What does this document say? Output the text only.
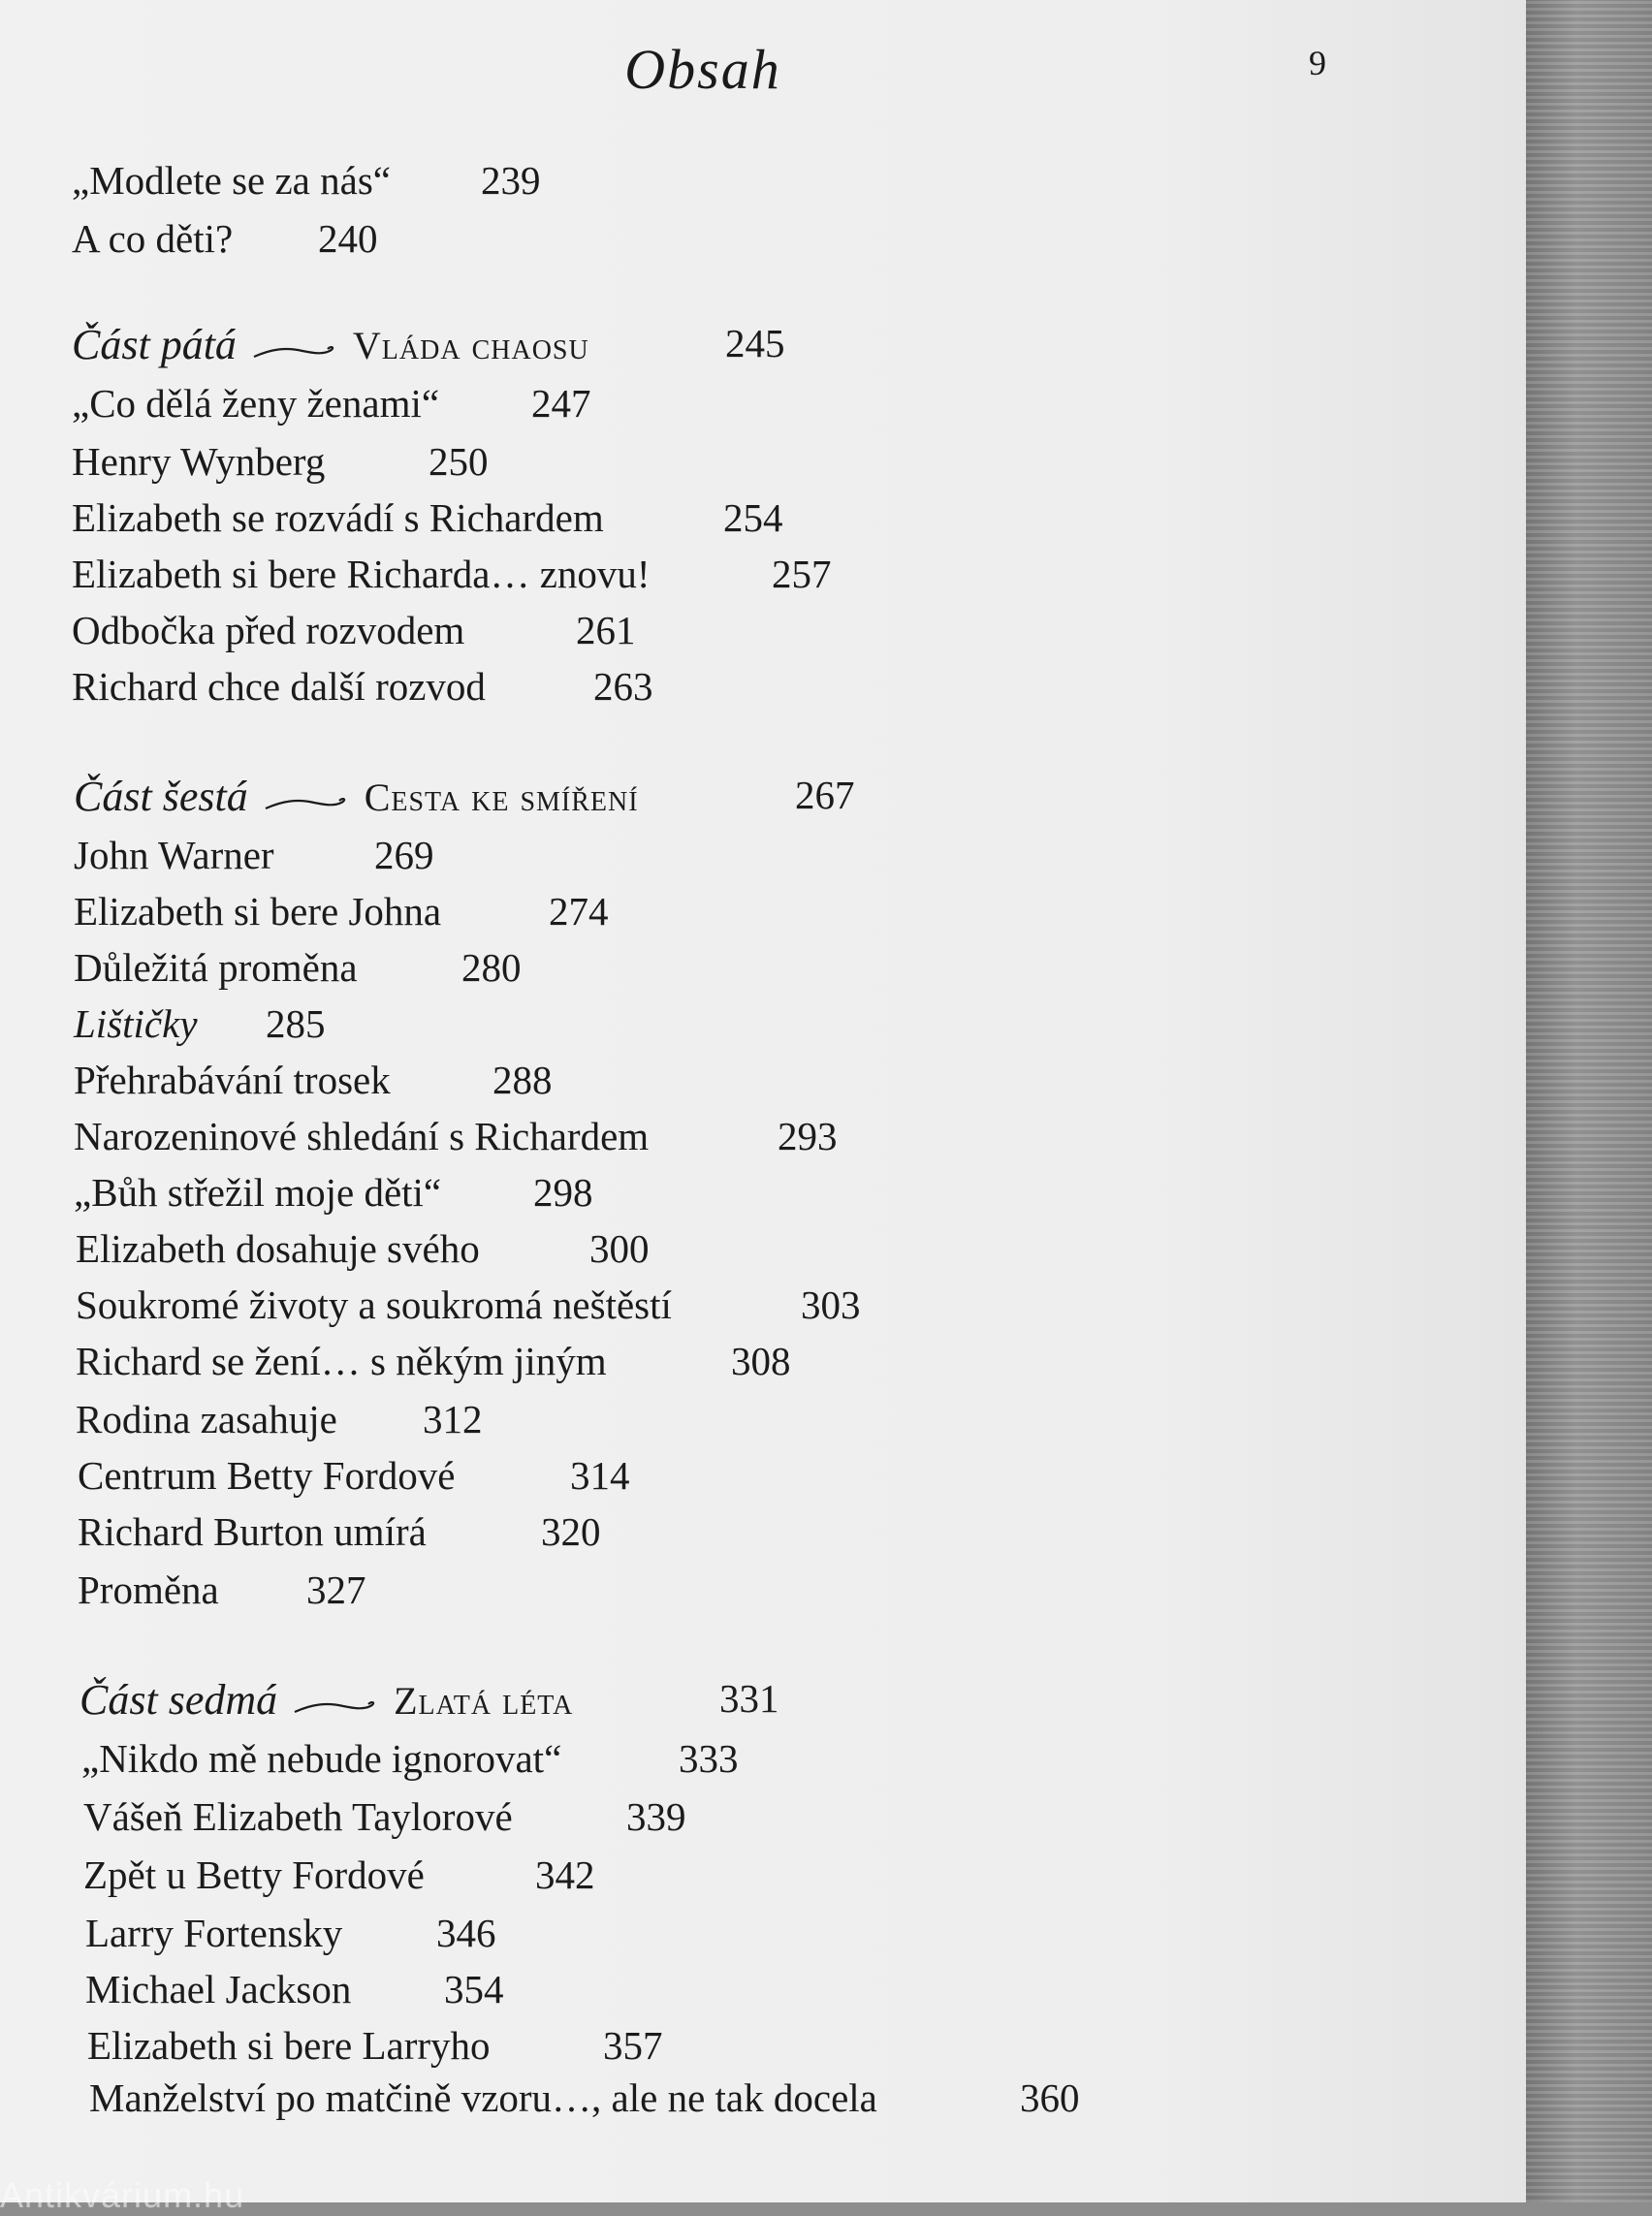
Obsah	9
„Modlete se za nás“ 239
A co děti? 240
Část pátá	Vláda chaosu	245
„Co dělá ženy ženami“ 247
Henry Wynberg	250
Elizabeth se rozvádí s Richardem	254
Elizabeth si bere Richarda… znovu!	257
Odbočka před rozvodem	261
Richard chce další rozvod	263
Část šestá	Cesta ke smíření	267
John Warner	269
Elizabeth si bere Johna	274
Důležitá proměna	280
Lištičky 285
Přehrabávání trosek	288
Narozeninové shledání s Richardem	293
„Bůh střežil moje děti“ 298
Elizabeth dosahuje svého	300
Soukromé životy a soukromá neštěstí	303
Richard se žení… s někým jiným	308
Rodina zasahuje 312
Centrum Betty Fordové	314
Richard Burton umírá	320
Proměna 327
Část sedmá	Zlatá léta	331
„Nikdo mě nebude ignorovat“	333
Vášeň Elizabeth Taylorové	339
Zpět u Betty Fordové	342
Larry Fortensky 346
Michael Jackson 354
Elizabeth si bere Larryho	357
Manželství po matčině vzoru…, ale ne tak docela	360
Antikvárium.hu
